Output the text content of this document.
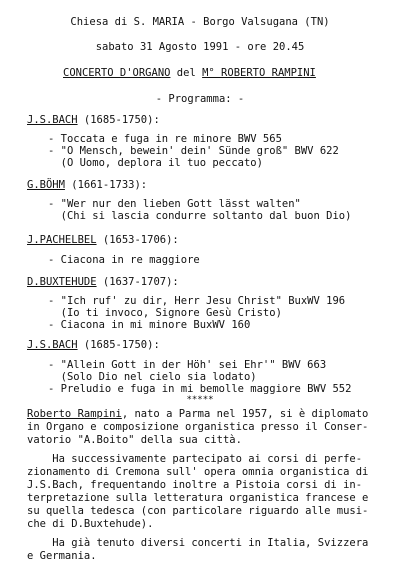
Chiesa di S. MARIA - Borgo Valsugana (TN)
sabato 31 Agosto 1991 - ore 20.45
CONCERTO D'ORGANO del M° ROBERTO RAMPINI
- Programma: -
J.S.BACH (1685-1750):
- Toccata e fuga in re minore BWV 565
- "O Mensch, bewein' dein' Sünde groß" BWV 622
(O Uomo, deplora il tuo peccato)
G.BÖHM (1661-1733):
- "Wer nur den lieben Gott lässt walten"
(Chi si lascia condurre soltanto dal buon Dio)
J.PACHELBEL (1653-1706):
- Ciacona in re maggiore
D.BUXTEHUDE (1637-1707):
- "Ich ruf' zu dir, Herr Jesu Christ" BuxWV 196
(Io ti invoco, Signore Gesù Cristo)
- Ciacona in mi minore BuxWV 160
J.S.BACH (1685-1750):
- "Allein Gott in der Höh' sei Ehr'" BWV 663
(Solo Dio nel cielo sia lodato)
- Preludio e fuga in mi bemolle maggiore BWV 552
*****
Roberto Rampini, nato a Parma nel 1957, si è diplomato
in Organo e composizione organistica presso il Conser-
vatorio "A.Boito" della sua città.
Ha successivamente partecipato ai corsi di perfe-
zionamento di Cremona sull' opera omnia organistica di
J.S.Bach, frequentando inoltre a Pistoia corsi di in-
terpretazione sulla letteratura organistica francese e
su quella tedesca (con particolare riguardo alle musi-
che di D.Buxtehude).
Ha già tenuto diversi concerti in Italia, Svizzera
e Germania.
